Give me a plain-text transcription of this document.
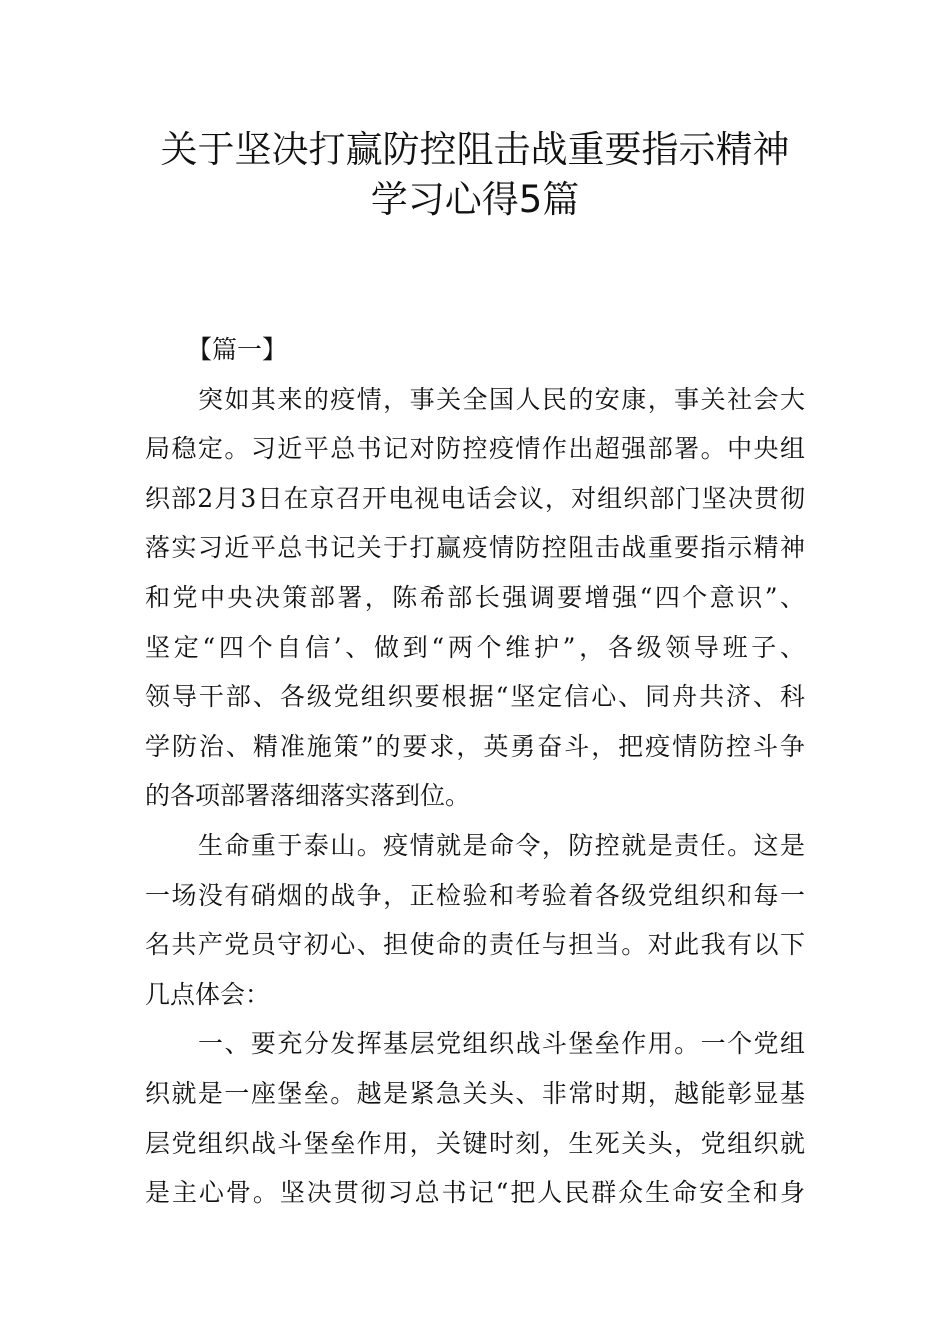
关于坚决打赢防控阻击战重要指示精神
学习心得5篇
【篇一】
突如其来的疫情，事关全国人民的安康，事关社会大
局稳定。习近平总书记对防控疫情作出超强部署。中央组
织部2月3日在京召开电视电话会议，对组织部门坚决贯彻
落实习近平总书记关于打赢疫情防控阻击战重要指示精神
和党中央决策部署，陈希部长强调要增强“四个意识”、
坚定“四个自信’、做到“两个维护”，各级领导班子、
领导干部、各级党组织要根据“坚定信心、同舟共济、科
学防治、精准施策”的要求，英勇奋斗，把疫情防控斗争
的各项部署落细落实落到位。
生命重于泰山。疫情就是命令，防控就是责任。这是
一场没有硝烟的战争，正检验和考验着各级党组织和每一
名共产党员守初心、担使命的责任与担当。对此我有以下
几点体会：
一、要充分发挥基层党组织战斗堡垒作用。一个党组
织就是一座堡垒。越是紧急关头、非常时期，越能彰显基
层党组织战斗堡垒作用，关键时刻，生死关头，党组织就
是主心骨。坚决贯彻习总书记“把人民群众生命安全和身
